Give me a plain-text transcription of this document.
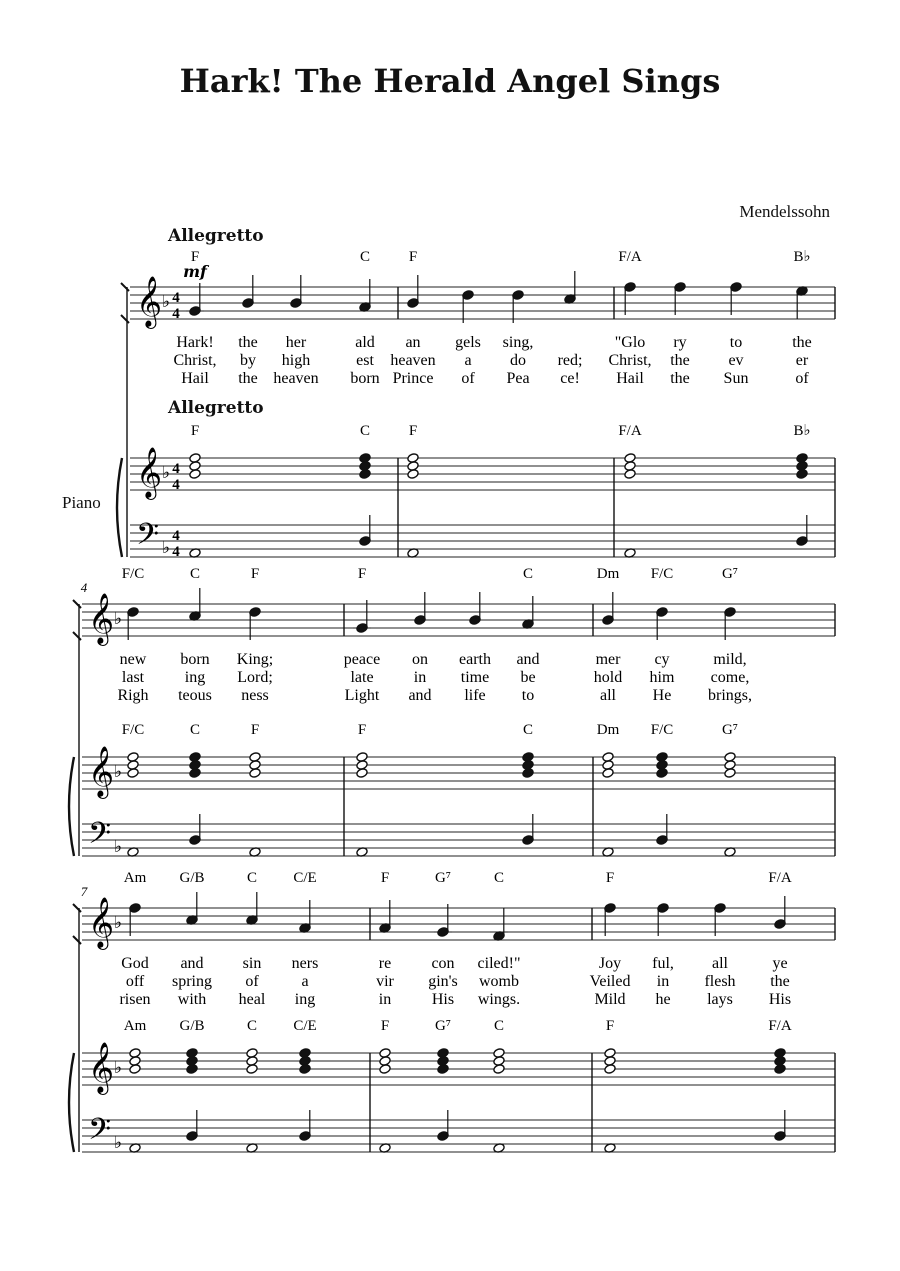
Hark! The Herald Angel Sings
Mendelssohn
Allegretto
Allegretto
Piano
𝄞
𝄞
𝄢
♭
♭
♭
4
4
4
4
4
4
mf
F
F
C
C
Hark!
Christ,
Hail
the
by
the
her
high
heaven
ald
est
born
F
F
an
heaven
Prince
gels
a
of
sing,
do
Pea
red;
ce!
F/A
F/A
B♭
B♭
"Glo
Christ,
Hail
ry
the
the
to
ev
Sun
the
er
of
𝄞
𝄞
𝄢
♭
♭
♭
4
F/C
F/C
C
C
F
F
new
last
Righ
born
ing
teous
King;
Lord;
ness
F
F
C
C
peace
late
Light
on
in
and
earth
time
life
and
be
to
Dm
Dm
F/C
F/C
G⁷
G⁷
mer
hold
all
cy
him
He
mild,
come,
brings,
𝄞
𝄞
𝄢
♭
♭
♭
7
Am
Am
G/B
G/B
C
C
C/E
C/E
God
off
risen
and
spring
with
sin
of
heal
ners
a
ing
F
F
G⁷
G⁷
C
C
re
vir
in
con
gin's
His
ciled!"
womb
wings.
F
F
F/A
F/A
Joy
Veiled
Mild
ful,
in
he
all
flesh
lays
ye
the
His
